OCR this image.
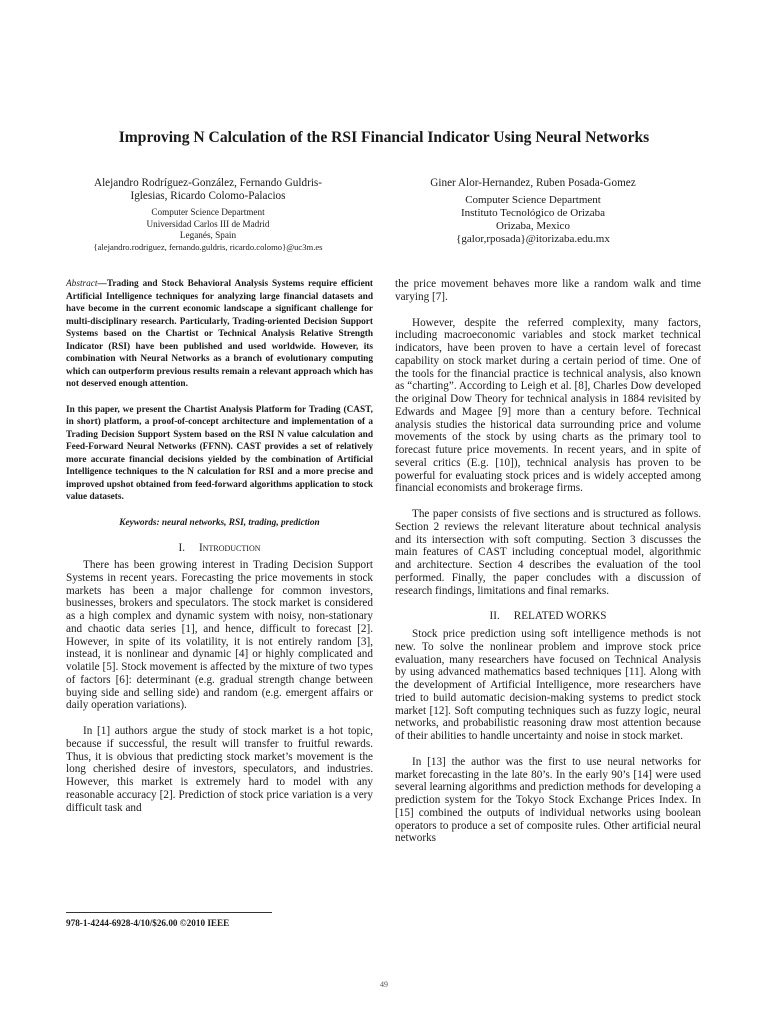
Improving N Calculation of the RSI Financial Indicator Using Neural Networks
Alejandro Rodríguez-González, Fernando Guldris-
Iglesias, Ricardo Colomo-Palacios
Computer Science Department
Universidad Carlos III de Madrid
Leganés, Spain
{alejandro.rodriguez, fernando.guldris, ricardo.colomo}@uc3m.es
Giner Alor-Hernandez, Ruben Posada-Gomez
Computer Science Department
Instituto Tecnológico de Orizaba
Orizaba, Mexico
{galor,rposada}@itorizaba.edu.mx

Abstract—Trading and Stock Behavioral Analysis Systems require efficient Artificial Intelligence techniques for analyzing large financial datasets and have become in the current economic landscape a significant challenge for multi-disciplinary research. Particularly, Trading-oriented Decision Support Systems based on the Chartist or Technical Analysis Relative Strength Indicator (RSI) have been published and used worldwide. However, its combination with Neural Networks as a branch of evolutionary computing which can outperform previous results remain a relevant approach which has not deserved enough attention.

In this paper, we present the Chartist Analysis Platform for Trading (CAST, in short) platform, a proof-of-concept architecture and implementation of a Trading Decision Support System based on the RSI N value calculation and Feed-Forward Neural Networks (FFNN). CAST provides a set of relatively more accurate financial decisions yielded by the combination of Artificial Intelligence techniques to the N calculation for RSI and a more precise and improved upshot obtained from feed-forward algorithms application to stock value datasets.

Keywords: neural networks, RSI, trading, prediction

I. Introduction

There has been growing interest in Trading Decision Support Systems in recent years. Forecasting the price movements in stock markets has been a major challenge for common investors, businesses, brokers and speculators. The stock market is considered as a high complex and dynamic system with noisy, non-stationary and chaotic data series [1], and hence, difficult to forecast [2]. However, in spite of its volatility, it is not entirely random [3], instead, it is nonlinear and dynamic [4] or highly complicated and volatile [5]. Stock movement is affected by the mixture of two types of factors [6]: determinant (e.g. gradual strength change between buying side and selling side) and random (e.g. emergent affairs or daily operation variations).

In [1] authors argue the study of stock market is a hot topic, because if successful, the result will transfer to fruitful rewards. Thus, it is obvious that predicting stock market’s movement is the long cherished desire of investors, speculators, and industries. However, this market is extremely hard to model with any reasonable accuracy [2]. Prediction of stock price variation is a very difficult task and

the price movement behaves more like a random walk and time varying [7].

However, despite the referred complexity, many factors, including macroeconomic variables and stock market technical indicators, have been proven to have a certain level of forecast capability on stock market during a certain period of time. One of the tools for the financial practice is technical analysis, also known as “charting”. According to Leigh et al. [8], Charles Dow developed the original Dow Theory for technical analysis in 1884 revisited by Edwards and Magee [9] more than a century before. Technical analysis studies the historical data surrounding price and volume movements of the stock by using charts as the primary tool to forecast future price movements. In recent years, and in spite of several critics (E.g. [10]), technical analysis has proven to be powerful for evaluating stock prices and is widely accepted among financial economists and brokerage firms.

The paper consists of five sections and is structured as follows. Section 2 reviews the relevant literature about technical analysis and its intersection with soft computing. Section 3 discusses the main features of CAST including conceptual model, algorithmic and architecture. Section 4 describes the evaluation of the tool performed. Finally, the paper concludes with a discussion of research findings, limitations and final remarks.

II. RELATED WORKS

Stock price prediction using soft intelligence methods is not new. To solve the nonlinear problem and improve stock price evaluation, many researchers have focused on Technical Analysis by using advanced mathematics based techniques [11]. Along with the development of Artificial Intelligence, more researchers have tried to build automatic decision-making systems to predict stock market [12]. Soft computing techniques such as fuzzy logic, neural networks, and probabilistic reasoning draw most attention because of their abilities to handle uncertainty and noise in stock market.

In [13] the author was the first to use neural networks for market forecasting in the late 80’s. In the early 90’s [14] were used several learning algorithms and prediction methods for developing a prediction system for the Tokyo Stock Exchange Prices Index. In [15] combined the outputs of individual networks using boolean operators to produce a set of composite rules. Other artificial neural networks

978-1-4244-6928-4/10/$26.00 ©2010 IEEE

49
